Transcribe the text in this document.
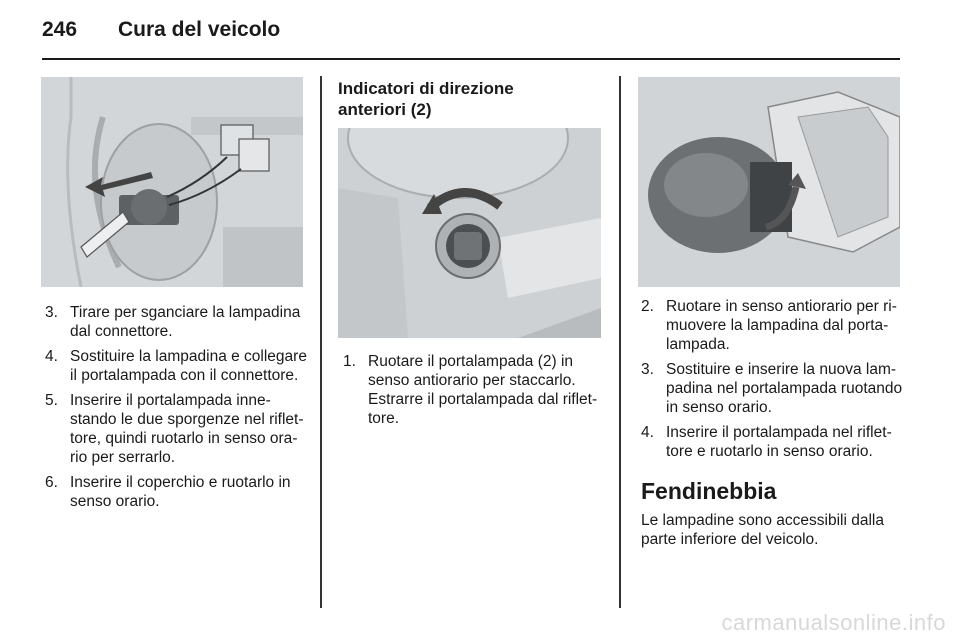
246 Cura del veicolo
3. Tirare per sganciare la lampadina dal connettore.
4. Sostituire la lampadina e collegare il portalampada con il connettore.
5. Inserire il portalampada innestando le due sporgenze nel riflettore, quindi ruotarlo in senso orario per serrarlo.
6. Inserire il coperchio e ruotarlo in senso orario.

Indicatori di direzione

anteriori (2)

1. Ruotare il portalampada (2) in senso antiorario per staccarlo. Estrarre il portalampada dal riflettore.
2. Ruotare in senso antiorario per rimuovere la lampadina dal portalampada.
3. Sostituire e inserire la nuova lampadina nel portalampada ruotando in senso orario.
4. Inserire il portalampada nel riflettore e ruotarlo in senso orario.

Fendinebbia

Le lampadine sono accessibili dalla parte inferiore del veicolo.

carmanualsonline.info
